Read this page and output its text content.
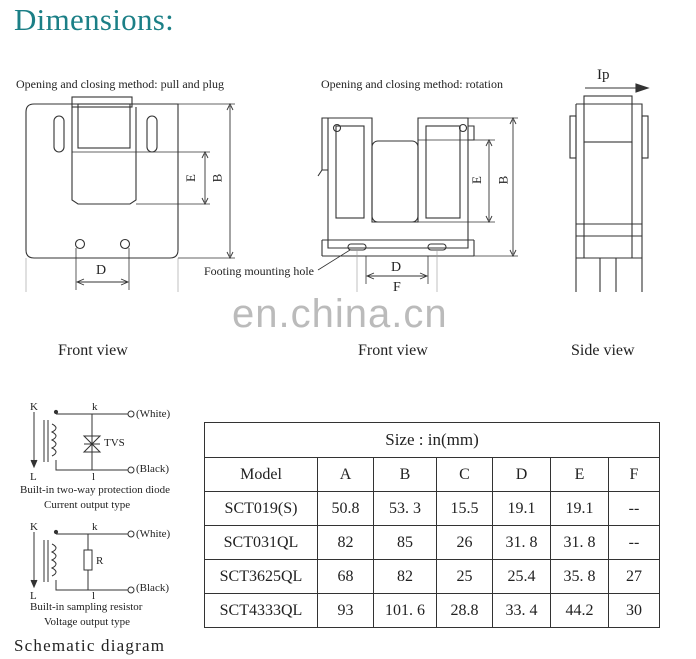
Dimensions:
Opening and closing method: pull and plug	Opening and closing method: rotation
E B
D
E B
D
F
Footing mounting hole
Ip
en.china.cn
Front view	Front view	Side view
K	k
(White)
TVS
(Black)
L	l
Built-in two-way protection diode
Current output type
K	k
(White)
R
(Black)
L	l
Built-in sampling resistor
Voltage output type
Schematic diagram
Size : in(mm)						
Model	A	B	C	D	E	F
SCT019(S)	50.8	53. 3	15.5	19.1	19.1	--
SCT031QL	82	85	26	31. 8	31. 8	--
SCT3625QL	68	82	25	25.4	35. 8	27
SCT4333QL	93	101. 6	28.8	33. 4	44.2	30
